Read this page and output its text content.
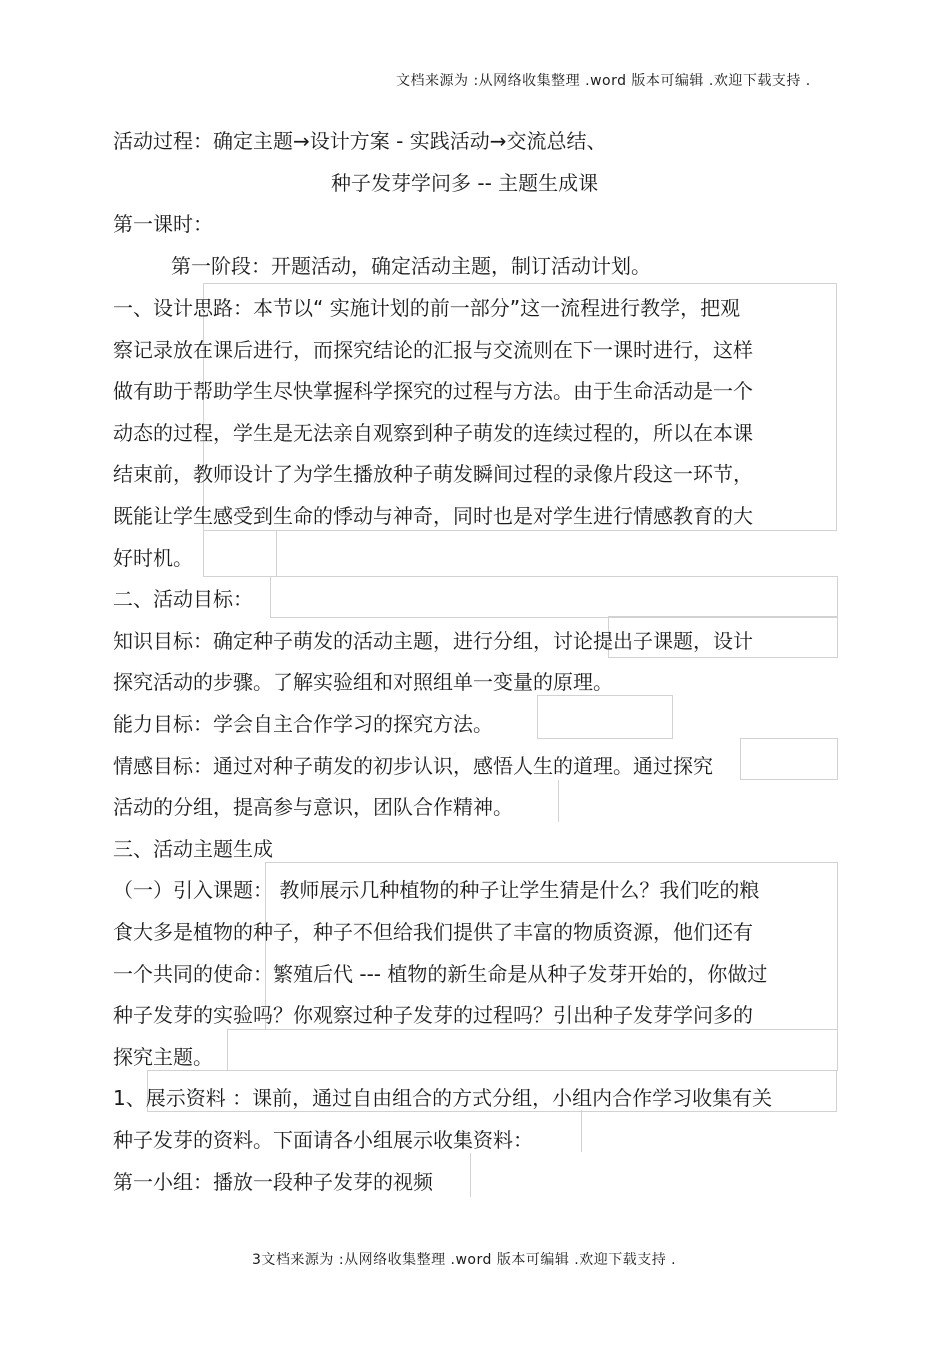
文档来源为 :从网络收集整理 .word 版本可编辑 .欢迎下载支持 .
活动过程：确定主题→设计方案 - 实践活动→交流总结、
种子发芽学问多 -- 主题生成课
第一课时：
第一阶段：开题活动，确定活动主题，制订活动计划。
一、设计思路：本节以“ 实施计划的前一部分”这一流程进行教学，把观
察记录放在课后进行，而探究结论的汇报与交流则在下一课时进行，这样
做有助于帮助学生尽快掌握科学探究的过程与方法。由于生命活动是一个
动态的过程，学生是无法亲自观察到种子萌发的连续过程的，所以在本课
结束前，教师设计了为学生播放种子萌发瞬间过程的录像片段这一环节，
既能让学生感受到生命的悸动与神奇，同时也是对学生进行情感教育的大
好时机。
二、活动目标：
知识目标：确定种子萌发的活动主题，进行分组，讨论提出子课题，设计
探究活动的步骤。了解实验组和对照组单一变量的原理。
能力目标：学会自主合作学习的探究方法。
情感目标：通过对种子萌发的初步认识，感悟人生的道理。通过探究
活动的分组，提高参与意识，团队合作精神。
三、活动主题生成
（一）引入课题： 教师展示几种植物的种子让学生猜是什么？我们吃的粮
食大多是植物的种子，种子不但给我们提供了丰富的物质资源，他们还有
一个共同的使命：繁殖后代 --- 植物的新生命是从种子发芽开始的，你做过
种子发芽的实验吗？你观察过种子发芽的过程吗？引出种子发芽学问多的
探究主题。
1、展示资料 ：课前，通过自由组合的方式分组，小组内合作学习收集有关
种子发芽的资料。下面请各小组展示收集资料：
第一小组：播放一段种子发芽的视频
3文档来源为 :从网络收集整理 .word 版本可编辑 .欢迎下载支持 .
